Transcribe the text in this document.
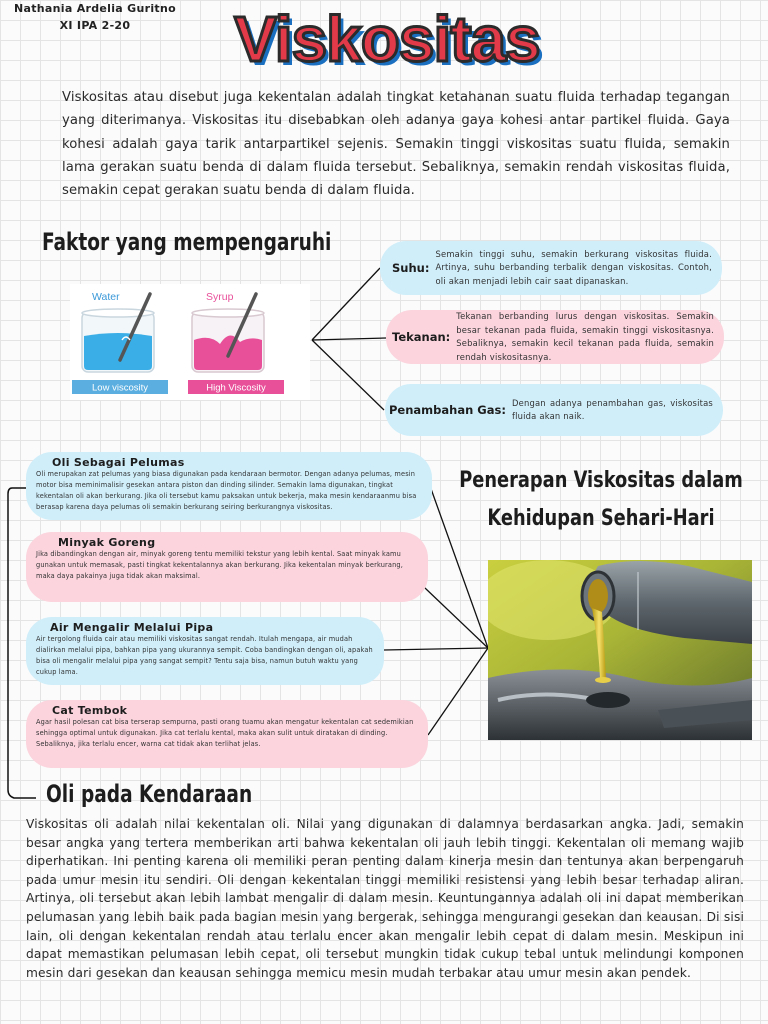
Nathania Ardelia Guritno
XI IPA 2-20	Viskositas

Viskositas atau disebut juga kekentalan adalah tingkat ketahanan suatu fluida terhadap tegangan yang diterimanya. Viskositas itu disebabkan oleh adanya gaya kohesi antar partikel fluida. Gaya kohesi adalah gaya tarik antarpartikel sejenis. Semakin tinggi viskositas suatu fluida, semakin lama gerakan suatu benda di dalam fluida tersebut. Sebaliknya, semakin rendah viskositas fluida, semakin cepat gerakan suatu benda di dalam fluida.

Faktor yang mempengaruhi
Water	Syrup
Low viscosity	High Viscosity
Suhu:
Semakin tinggi suhu, semakin berkurang viskositas fluida. Artinya, suhu berbanding terbalik dengan viskositas. Contoh, oli akan menjadi lebih cair saat dipanaskan.
Tekanan:
Tekanan berbanding lurus dengan viskositas. Semakin besar tekanan pada fluida, semakin tinggi viskositasnya. Sebaliknya, semakin kecil tekanan pada fluida, semakin rendah viskositasnya.
Penambahan Gas:
Dengan adanya penambahan gas, viskositas fluida akan naik.
Oli Sebagai Pelumas
Oli merupakan zat pelumas yang biasa digunakan pada kendaraan bermotor. Dengan adanya pelumas, mesin motor bisa meminimalisir gesekan antara piston dan dinding silinder. Semakin lama digunakan, tingkat kekentalan oli akan berkurang. Jika oli tersebut kamu paksakan untuk bekerja, maka mesin kendaraanmu bisa berasap karena daya pelumas oli semakin berkurang seiring berkurangnya viskositas.
Minyak Goreng
Jika dibandingkan dengan air, minyak goreng tentu memiliki tekstur yang lebih kental. Saat minyak kamu gunakan untuk memasak, pasti tingkat kekentalannya akan berkurang. Jika kekentalan minyak berkurang, maka daya pakainya juga tidak akan maksimal.
Air Mengalir Melalui Pipa
Air tergolong fluida cair atau memiliki viskositas sangat rendah. Itulah mengapa, air mudah dialirkan melalui pipa, bahkan pipa yang ukurannya sempit. Coba bandingkan dengan oli, apakah bisa oli mengalir melalui pipa yang sangat sempit? Tentu saja bisa, namun butuh waktu yang cukup lama.
Cat Tembok
Agar hasil polesan cat bisa terserap sempurna, pasti orang tuamu akan mengatur kekentalan cat sedemikian sehingga optimal untuk digunakan. Jika cat terlalu kental, maka akan sulit untuk diratakan di dinding. Sebaliknya, jika terlalu encer, warna cat tidak akan terlihat jelas.
Penerapan Viskositas dalam
Kehidupan Sehari-Hari
Oli pada Kendaraan

Viskositas oli adalah nilai kekentalan oli. Nilai yang digunakan di dalamnya berdasarkan angka. Jadi, semakin besar angka yang tertera memberikan arti bahwa kekentalan oli jauh lebih tinggi. Kekentalan oli memang wajib diperhatikan. Ini penting karena oli memiliki peran penting dalam kinerja mesin dan tentunya akan berpengaruh pada umur mesin itu sendiri. Oli dengan kekentalan tinggi memiliki resistensi yang lebih besar terhadap aliran. Artinya, oli tersebut akan lebih lambat mengalir di dalam mesin. Keuntungannya adalah oli ini dapat memberikan pelumasan yang lebih baik pada bagian mesin yang bergerak, sehingga mengurangi gesekan dan keausan. Di sisi lain, oli dengan kekentalan rendah atau terlalu encer akan mengalir lebih cepat di dalam mesin. Meskipun ini dapat memastikan pelumasan lebih cepat, oli tersebut mungkin tidak cukup tebal untuk melindungi komponen mesin dari gesekan dan keausan sehingga memicu mesin mudah terbakar atau umur mesin akan pendek.
